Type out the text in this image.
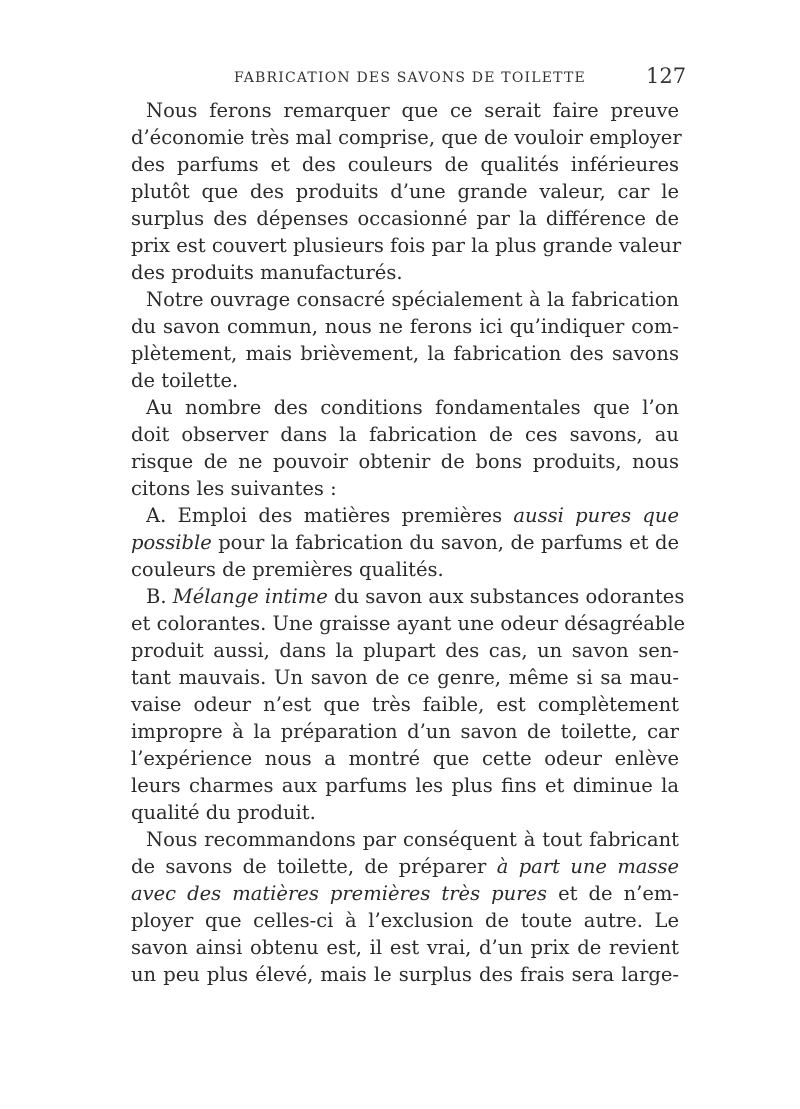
FABRICATION DES SAVONS DE TOILETTE	127
Nous ferons remarquer que ce serait faire preuve
d’économie très mal comprise, que de vouloir employer
des parfums et des couleurs de qualités inférieures
plutôt que des produits d’une grande valeur, car le
surplus des dépenses occasionné par la différence de
prix est couvert plusieurs fois par la plus grande valeur
des produits manufacturés.
Notre ouvrage consacré spécialement à la fabrication
du savon commun, nous ne ferons ici qu’indiquer com-
plètement, mais brièvement, la fabrication des savons
de toilette.
Au nombre des conditions fondamentales que l’on
doit observer dans la fabrication de ces savons, au
risque de ne pouvoir obtenir de bons produits, nous
citons les suivantes :
A. Emploi des matières premières aussi pures que
possible pour la fabrication du savon, de parfums et de
couleurs de premières qualités.
B. Mélange intime du savon aux substances odorantes
et colorantes. Une graisse ayant une odeur désagréable
produit aussi, dans la plupart des cas, un savon sen-
tant mauvais. Un savon de ce genre, même si sa mau-
vaise odeur n’est que très faible, est complètement
impropre à la préparation d’un savon de toilette, car
l’expérience nous a montré que cette odeur enlève
leurs charmes aux parfums les plus fins et diminue la
qualité du produit.
Nous recommandons par conséquent à tout fabricant
de savons de toilette, de préparer à part une masse
avec des matières premières très pures et de n’em-
ployer que celles-ci à l’exclusion de toute autre. Le
savon ainsi obtenu est, il est vrai, d’un prix de revient
un peu plus élevé, mais le surplus des frais sera large-
